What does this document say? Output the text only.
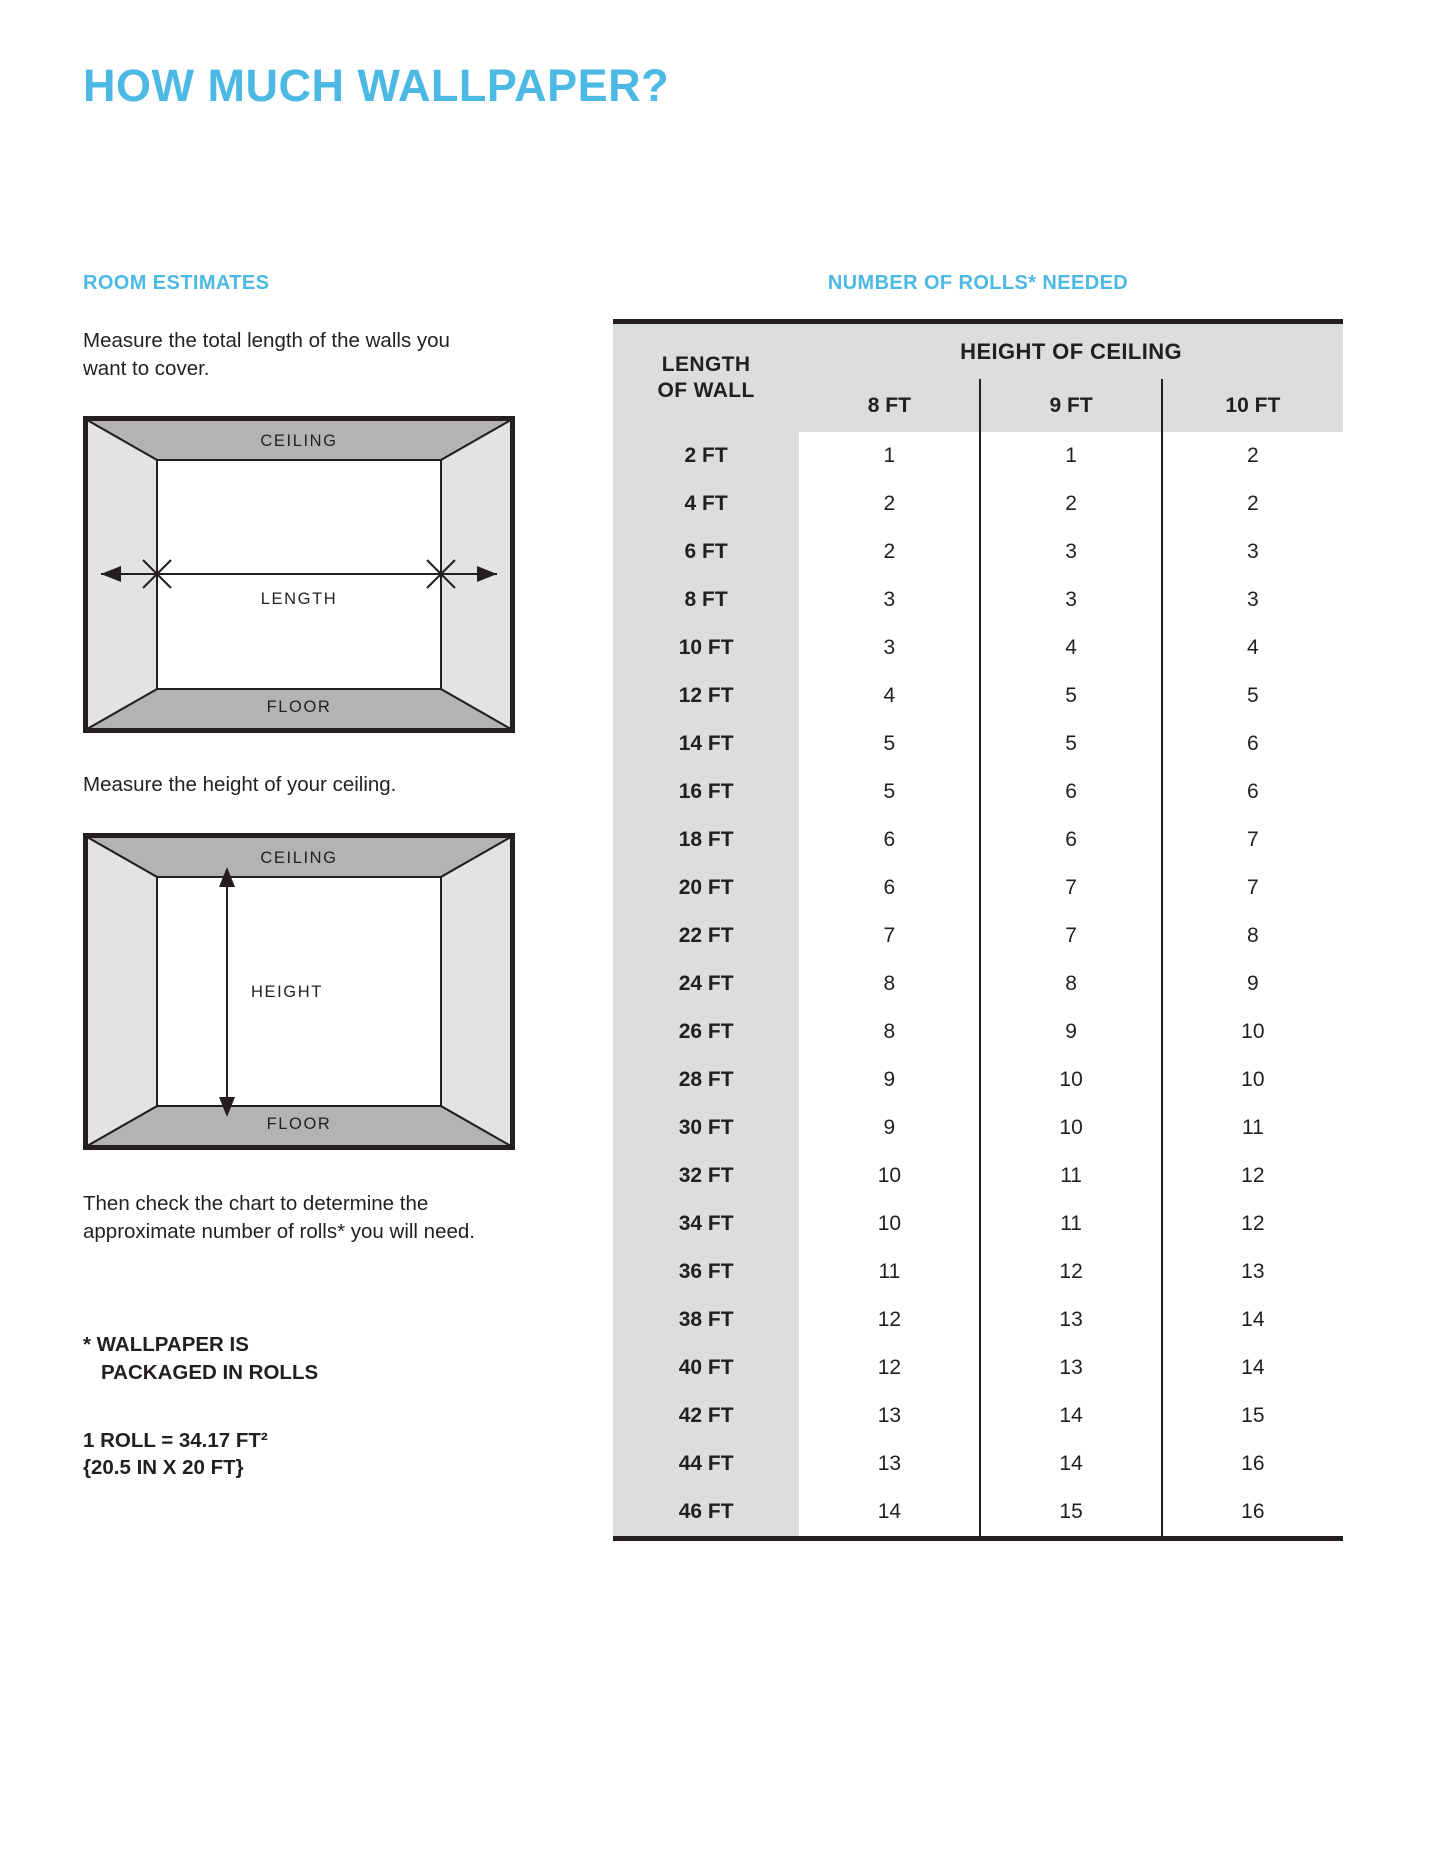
HOW MUCH WALLPAPER?
ROOM ESTIMATES

Measure the total length of the walls you want to cover.

CEILING
FLOOR
LENGTH

Measure the height of your ceiling.

CEILING
FLOOR
HEIGHT

Then check the chart to determine the approximate number of rolls* you will need.

* WALLPAPER IS
PACKAGED IN ROLLS

1 ROLL = 34.17 FT²
{20.5 IN X 20 FT}

NUMBER OF ROLLS* NEEDED
LENGTH
OF WALL	HEIGHT OF CEILING		
	8 FT	9 FT	10 FT
2 FT	1	1	2
4 FT	2	2	2
6 FT	2	3	3
8 FT	3	3	3
10 FT	3	4	4
12 FT	4	5	5
14 FT	5	5	6
16 FT	5	6	6
18 FT	6	6	7
20 FT	6	7	7
22 FT	7	7	8
24 FT	8	8	9
26 FT	8	9	10
28 FT	9	10	10
30 FT	9	10	11
32 FT	10	11	12
34 FT	10	11	12
36 FT	11	12	13
38 FT	12	13	14
40 FT	12	13	14
42 FT	13	14	15
44 FT	13	14	16
46 FT	14	15	16
